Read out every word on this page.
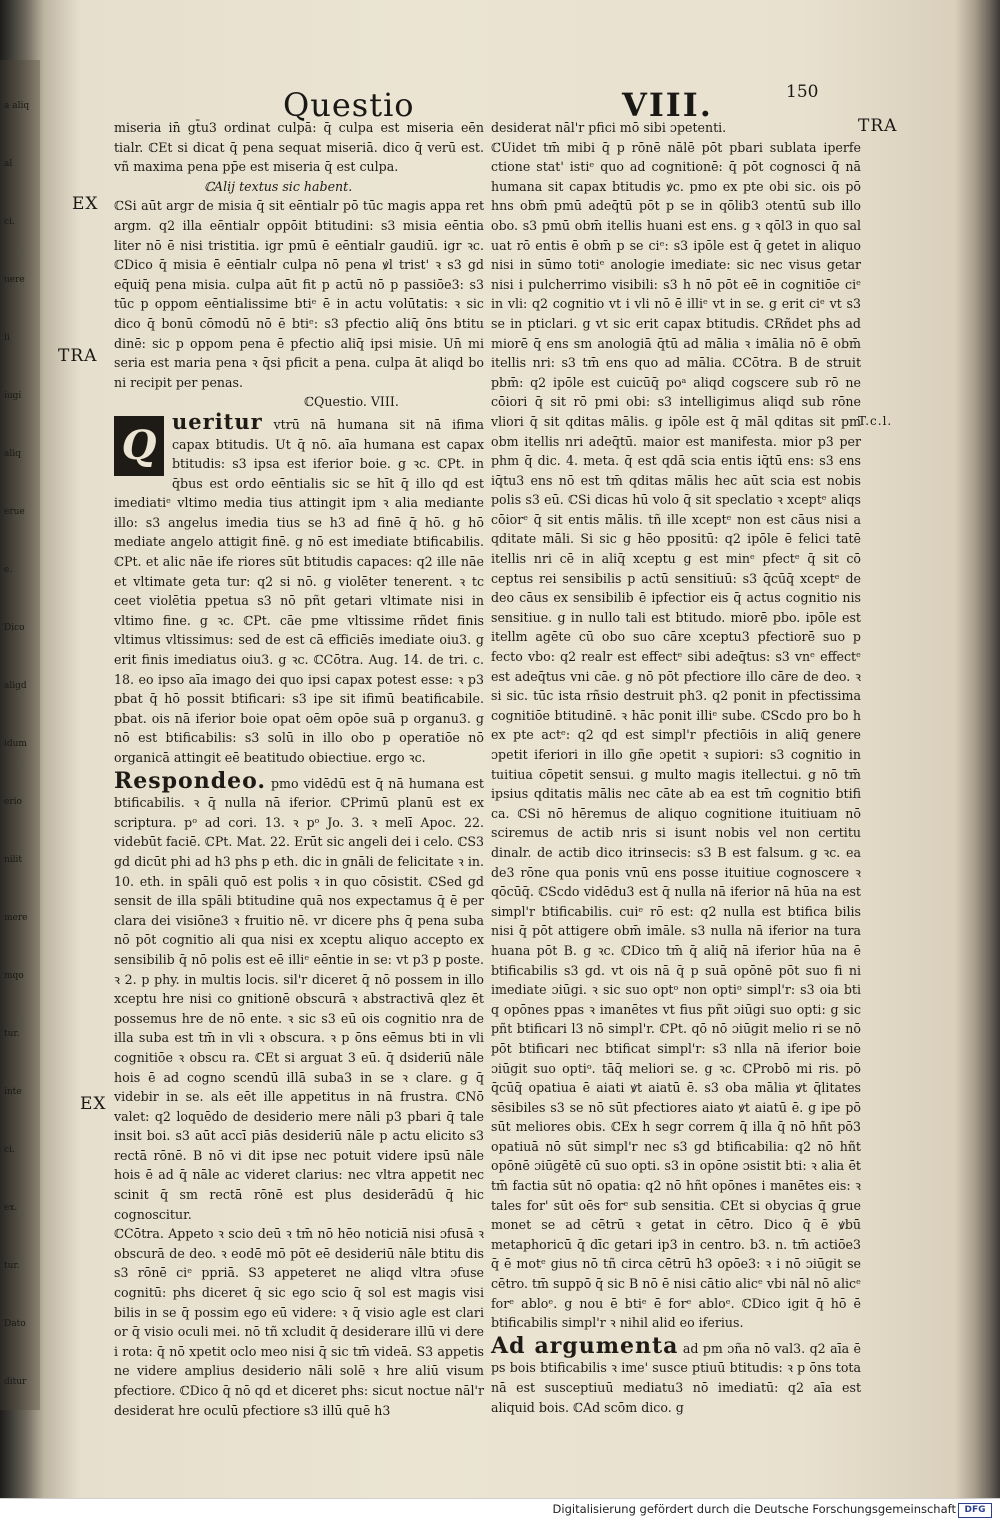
a aliq
al
ci.
uere
li
iugi
aliq
erue
e.
Dico
aligd
idum
erio
nilit
mere
mqo
tur.
inte
ci.
ex.
tur.
Dato
ditur
Questio	VIII.	150
TRA
EX
TRA
T.c.l.
EX

miseria in̄ gt̄u3 ordinat culpā: q̄ culpa est miseria eēn tialr. ℂEt si dicat q̄ pena sequat miseriā. dico q̄ verū est. vñ maxima pena pp̄e est miseria q̄ est culpa.

ℂAlij textus sic habent.

ℂSi aūt argr de misia q̄ sit eēntialr pō tūc magis appa ret argm. q2 illa eēntialr oppōit btitudini: s3 misia eēntia liter nō ē nisi tristitia. igr pmū ē eēntialr gaudiū. igr ꝛc. ℂDico q̄ misia ē eēntialr culpa nō pena ꝟl trist' ꝛ s3 gd eq̄uiq̄ pena misia. culpa aūt fit p actū nō p passiōe3: s3 tūc p oppom eēntialissime btiᵉ ē in actu volūtatis: ꝛ sic dico q̄ bonū cōmodū nō ē btiᵉ: s3 pfectio aliq̄ ōns btitu dinē: sic p oppom pena ē pfectio aliq̄ ipsi misie. Un̄ mi seria est maria pena ꝛ q̄si pficit a pena. culpa āt aliqd bo ni recipit per penas.

ℂQuestio. VIII.

Q
ueritur vtrū nā humana sit nā ifima capax btitudis. Ut q̄ nō. aīa humana est capax btitudis: s3 ipsa est iferior boie. g ꝛc. ℂPt. in q̄bus est ordo eēntialis sic se hīt q̄ illo qd est imediatiᵉ vltimo media tius attingit ipm ꝛ alia mediante illo: s3 angelus imedia tius se h3 ad finē q̄ hō. g hō mediate angelo attigit finē. g nō est imediate btificabilis. ℂPt. et alic nāe ife riores sūt btitudis capaces: q2 ille nāe et vltimate geta tur: q2 si nō. g violēter tenerent. ꝛ tc ceet violētia ppetua s3 nō pñt getari vltimate nisi in vltimo fine. g ꝛc. ℂPt. cāe pme vltissime rñdet finis vltimus vltissimus: sed de est cā efficiēs imediate oiu3. g erit finis imediatus oiu3. g ꝛc. ℂCōtra. Aug. 14. de tri. c. 18. eo ipso aīa imago dei quo ipsi capax potest esse: ꝛ p3 pbat q̄ hō possit btificari: s3 ipe sit ifimū beatificabile. pbat. ois nā iferior boie opat oēm opōe suā p organu3. g nō est btificabilis: s3 solū in illo obo p operatiōe nō organicā attingit eē beatitudo obiectiue. ergo ꝛc.

Respondeo. pmo vidēdū est q̄ nā humana est btificabilis. ꝛ q̄ nulla nā iferior. ℂPrimū planū est ex scriptura. pᵒ ad cori. 13. ꝛ pᵒ Jo. 3. ꝛ melī Apoc. 22. videbūt faciē. ℂPt. Mat. 22. Erūt sic angeli dei i celo. ℂS3 gd dicūt phi ad h3 phs p eth. dic in gnāli de felicitate ꝛ in. 10. eth. in spāli quō est polis ꝛ in quo cōsistit. ℂSed gd sensit de illa spāli btitudine quā nos expectamus q̄ ē per clara dei visiōne3 ꝛ fruitio nē. vr dicere phs q̄ pena suba nō pōt cognitio ali qua nisi ex xceptu aliquo accepto ex sensibilib q̄ nō polis est eē illiᵉ eēntie in se: vt p3 p poste. ꝛ 2. p phy. in multis locis. sil'r diceret q̄ nō possem in illo xceptu hre nisi co gnitionē obscurā ꝛ abstractivā qlez ēt possemus hre de nō ente. ꝛ sic s3 eū ois cognitio nra de illa suba est tm̄ in vli ꝛ obscura. ꝛ p ōns eēmus bti in vli cognitiōe ꝛ obscu ra. ℂEt si arguat 3 eū. q̄ dsideriū nāle hois ē ad cogno scendū illā suba3 in se ꝛ clare. g q̄ videbir in se. als eēt ille appetitus in nā frustra. ℂNō valet: q2 loquēdo de desiderio mere nāli p3 pbari q̄ tale insit boi. s3 aūt accī piās desideriū nāle p actu elicito s3 rectā rōnē. B nō vi dit ipse nec potuit videre ipsū nāle hois ē ad q̄ nāle ac videret clarius: nec vltra appetit nec scinit q̄ sm rectā rōnē est plus desiderādū q̄ hic cognoscitur.

ℂCōtra. Appeto ꝛ scio deū ꝛ tm̄ nō hēo noticiā nisi ɔfusā ꝛ obscurā de deo. ꝛ eodē mō pōt eē desideriū nāle btitu dis s3 rōnē ciᵉ ppriā. S3 appeteret ne aliqd vltra ɔfuse cognitū: phs diceret q̄ sic ego scio q̄ sol est magis visi bilis in se q̄ possim ego eū videre: ꝛ q̄ visio agle est clari or q̄ visio oculi mei. nō tñ xcludit q̄ desiderare illū vi dere i rota: q̄ nō xpetit oclo meo nisi q̄ sic tm̄ videā. S3 appetis ne videre amplius desiderio nāli solē ꝛ hre aliū visum pfectiore. ℂDico q̄ nō qd et diceret phs: sicut noctue nāl'r desiderat hre oculū pfectiore s3 illū quē h3

desiderat nāl'r pfici mō sibi ɔpetenti.

ℂUidet tm̄ mibi q̄ p rōnē nālē pōt pbari sublata iperfe ctione stat' istiᵉ quo ad cognitionē: q̄ pōt cognosci q̄ nā humana sit capax btitudis ꝟc. pmo ex pte obi sic. ois pō hns obm̄ pmū adeq̄tū pōt p se in qōlib3 ɔtentū sub illo obo. s3 pmū obm̄ itellis huani est ens. g ꝛ qōl3 in quo sal uat rō entis ē obm̄ p se ciᵉ: s3 ipōle est q̄ getet in aliquo nisi in sūmo totiᵉ anologie imediate: sic nec visus getar nisi i pulcherrimo visibili: s3 h nō pōt eē in cognitiōe ciᵉ in vli: q2 cognitio vt i vli nō ē illiᵉ vt in se. g erit ciᵉ vt s3 se in pticlari. g vt sic erit capax btitudis. ℂRñdet phs ad miorē q̄ ens sm anologiā q̄tū ad mālia ꝛ imālia nō ē obm̄ itellis nri: s3 tm̄ ens quo ad mālia. ℂCōtra. B de struit pbm̄: q2 ipōle est cuicūq̄ poᵃ aliqd cogscere sub rō ne cōiori q̄ sit rō pmi obi: s3 intelligimus aliqd sub rōne vliori q̄ sit qditas mālis. g ipōle est q̄ māl qditas sit pm obm itellis nri adeq̄tū. maior est manifesta. mior p3 per phm q̄ dic. 4. meta. q̄ est qdā scia entis iq̄tū ens: s3 ens iq̄tu3 ens nō est tm̄ qditas mālis hec aūt scia est nobis polis s3 eū. ℂSi dicas hū volo q̄ sit speclatio ꝛ xceptᵉ aliqs cōiorᵉ q̄ sit entis mālis. tñ ille xceptᵉ non est cāus nisi a qditate māli. Si sic g hēo ppositū: q2 ipōle ē felici tatē itellis nri cē in aliq̄ xceptu g est minᵉ pfectᵉ q̄ sit cō ceptus rei sensibilis p actū sensitiuū: s3 q̄cūq̄ xceptᵉ de deo cāus ex sensibilib ē ipfectior eis q̄ actus cognitio nis sensitiue. g in nullo tali est btitudo. miorē pbo. ipōle est itellm agēte cū obo suo cāre xceptu3 pfectiorē suo p fecto vbo: q2 realr est effectᵉ sibi adeq̄tus: s3 vnᵉ effectᵉ est adeq̄tus vni cāe. g nō pōt pfectiore illo cāre de deo. ꝛ si sic. tūc ista rñsio destruit ph3. q2 ponit in pfectissima cognitiōe btitudinē. ꝛ hāc ponit illiᵉ sube. ℂScdo pro bo h ex pte actᵉ: q2 qd est simpl'r pfectiōis in aliq̄ genere ɔpetit iferiori in illo gñe ɔpetit ꝛ supiori: s3 cognitio in tuitiua cōpetit sensui. g multo magis itellectui. g nō tm̄ ipsius qditatis mālis nec cāte ab ea est tm̄ cognitio btifi ca. ℂSi nō hēremus de aliquo cognitione ituitiuam nō sciremus de actib nris si isunt nobis vel non certitu dinalr. de actib dico itrinsecis: s3 B est falsum. g ꝛc. ea de3 rōne qua ponis vnū ens posse ituitiue cognoscere ꝛ qōcūq̄. ℂScdo vidēdu3 est q̄ nulla nā iferior nā hūa na est simpl'r btificabilis. cuiᵉ rō est: q2 nulla est btifica bilis nisi q̄ pōt attigere obm̄ imāle. s3 nulla nā iferior na tura huana pōt B. g ꝛc. ℂDico tm̄ q̄ aliq̄ nā iferior hūa na ē btificabilis s3 gd. vt ois nā q̄ p suā opōnē pōt suo fi ni imediate ɔiūgi. ꝛ sic suo optᵒ non optiᵒ simpl'r: s3 oia bti q opōnes ppas ꝛ imanētes vt fius pñt ɔiūgi suo opti: g sic pñt btificari l3 nō simpl'r. ℂPt. qō nō ɔiūgit melio ri se nō pōt btificari nec btificat simpl'r: s3 nlla nā iferior boie ɔiūgit suo optiᵒ. tāq̄ meliori se. g ꝛc. ℂProbō mi ris. pō q̄cūq̄ opatiua ē aiati ꝟt aiatū ē. s3 oba mālia ꝟt q̄litates sēsibiles s3 se nō sūt pfectiores aiato ꝟt aiatū ē. g ipe pō sūt meliores obis. ℂEx h segr correm q̄ illa q̄ nō hñt pō3 opatiuā nō sūt simpl'r nec s3 gd btificabilia: q2 nō hñt opōnē ɔiūgētē cū suo opti. s3 in opōne ɔsistit bti: ꝛ alia ēt tm̄ factia sūt nō opatia: q2 nō hñt opōnes i manētes eis: ꝛ tales for' sūt oēs forᵉ sub sensitia. ℂEt si obycias q̄ grue monet se ad cētrū ꝛ getat in cētro. Dico q̄ ē ꝟbū metaphoricū q̄ dīc getari ip3 in centro. b3. n. tm̄ actiōe3 q̄ ē motᵉ gius nō tñ circa cētrū h3 opōe3: ꝛ i nō ɔiūgit se cētro. tm̄ suppō q̄ sic B nō ē nisi cātio alicᵉ vbi nāl nō alicᵉ forᵉ abloᵉ. g nou ē btiᵉ ē forᵉ abloᵉ. ℂDico igit q̄ hō ē btificabilis simpl'r ꝛ nihil alid eo iferius.

Ad argumenta ad pm ɔña nō val3. q2 aīa ē ps bois btificabilis ꝛ ime' susce ptiuū btitudis: ꝛ p ōns tota nā est susceptiuū mediatu3 nō imediatū: q2 aīa est aliquid bois. ℂAd scōm dico. g

Digitalisierung gefördert durch die Deutsche Forschungsgemeinschaft DFG
